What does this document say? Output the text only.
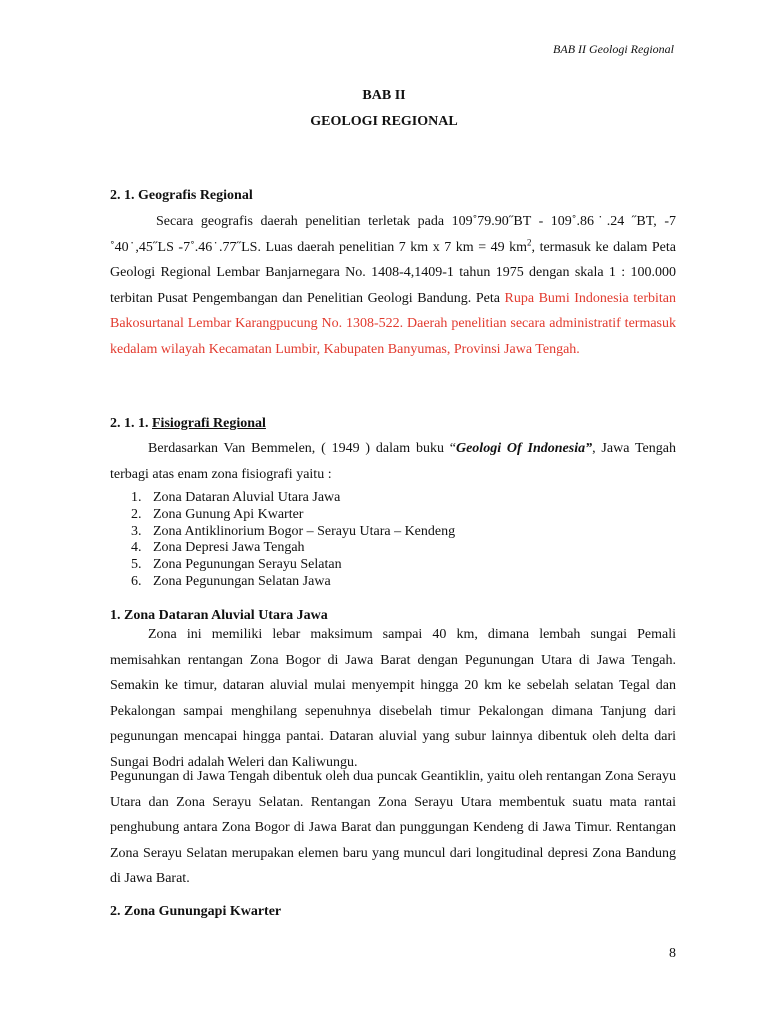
BAB II Geologi Regional
BAB II
GEOLOGI REGIONAL
2. 1. Geografis Regional
Secara geografis daerah penelitian terletak pada 109˚79.90˝BT - 109˚.86˙.24 ˝BT, -7 ˚40˙,45˝LS -7˚.46˙.77˝LS. Luas daerah penelitian 7 km x 7 km = 49 $km^2$, termasuk ke dalam Peta Geologi Regional Lembar Banjarnegara No. 1408-4,1409-1 tahun 1975 dengan skala 1 : 100.000 terbitan Pusat Pengembangan dan Penelitian Geologi Bandung. Peta Rupa Bumi Indonesia terbitan Bakosurtanal Lembar Karangpucung No. 1308-522. Daerah penelitian secara administratif termasuk kedalam wilayah Kecamatan Lumbir, Kabupaten Banyumas, Provinsi Jawa Tengah.
2. 1. 1. Fisiografi Regional
Berdasarkan Van Bemmelen, ( 1949 ) dalam buku “Geologi Of Indonesia”, Jawa Tengah terbagi atas enam zona fisiografi yaitu :
1. Zona Dataran Aluvial Utara Jawa
2. Zona Gunung Api Kwarter
3. Zona Antiklinorium Bogor – Serayu Utara – Kendeng
4. Zona Depresi Jawa Tengah
5. Zona Pegunungan Serayu Selatan
6. Zona Pegunungan Selatan Jawa
1. Zona Dataran Aluvial Utara Jawa
Zona ini memiliki lebar maksimum sampai 40 km, dimana lembah sungai Pemali memisahkan rentangan Zona Bogor di Jawa Barat dengan Pegunungan Utara di Jawa Tengah. Semakin ke timur, dataran aluvial mulai menyempit hingga 20 km ke sebelah selatan Tegal dan Pekalongan sampai menghilang sepenuhnya disebelah timur Pekalongan dimana Tanjung dari pegunungan mencapai hingga pantai. Dataran aluvial yang subur lainnya dibentuk oleh delta dari Sungai Bodri adalah Weleri dan Kaliwungu.
Pegunungan di Jawa Tengah dibentuk oleh dua puncak Geantiklin, yaitu oleh rentangan Zona Serayu Utara dan Zona Serayu Selatan. Rentangan Zona Serayu Utara membentuk suatu mata rantai penghubung antara Zona Bogor di Jawa Barat dan punggungan Kendeng di Jawa Timur. Rentangan Zona Serayu Selatan merupakan elemen baru yang muncul dari longitudinal depresi Zona Bandung di Jawa Barat.
2. Zona Gunungapi Kwarter
8
